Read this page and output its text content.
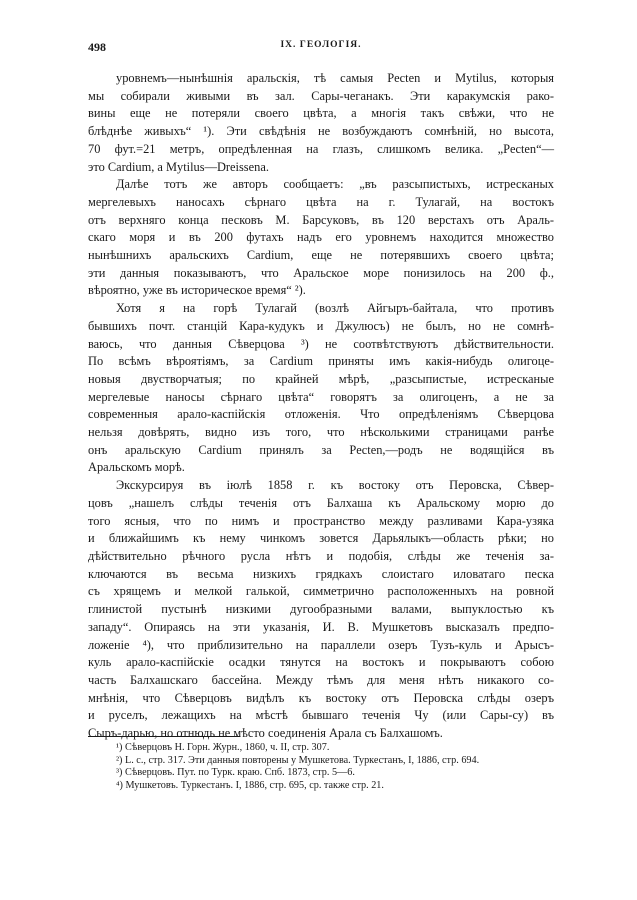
498	IX. ГЕОЛОГІЯ.

уровнемъ—нынѣшнія аральскія, тѣ самыя Pecten и Mytilus, которыя
мы собирали живыми въ зал. Сары-чеганакъ. Эти каракумскія рако-
вины еще не потеряли своего цвѣта, а многія такъ свѣжи, что не
блѣднѣе живыхъ“ ¹). Эти свѣдѣнія не возбуждаютъ сомнѣній, но высота,
70 фут.=21 метръ, опредѣленная на глазъ, слишкомъ велика. „Pecten“—
это Cardium, а Mytilus—Dreissena.

Далѣе тотъ же авторъ сообщаетъ: „въ разсыпистыхъ, истресканых
мергелевыхъ наносахъ сѣрнаго цвѣта на г. Тулагай, на востокъ
отъ верхняго конца песковъ М. Барсуковъ, въ 120 верстахъ отъ Араль-
скаго моря и въ 200 футахъ надъ его уровнемъ находится множество
нынѣшнихъ аральскихъ Cardium, еще не потерявшихъ своего цвѣта;
эти данныя показываютъ, что Аральское море понизилось на 200 ф.,
вѣроятно, уже въ историческое время“ ²).

Хотя я на горѣ Тулагай (возлѣ Айгыръ-байтала, что противъ
бывшихъ почт. станцій Кара-кудукъ и Джулюсъ) не былъ, но не сомнѣ-
ваюсь, что данныя Сѣверцова ³) не соотвѣтствуютъ дѣйствительности.
По всѣмъ вѣроятіямъ, за Cardium приняты имъ какія-нибудь олигоце-
новыя двустворчатыя; по крайней мѣрѣ, „разсыпистые, истресканые
мергелевые наносы сѣрнаго цвѣта“ говорятъ за олигоценъ, а не за
современныя арало-каспійскія отложенія. Что опредѣленіямъ Сѣверцова
нельзя довѣрять, видно изъ того, что нѣсколькими страницами ранѣе
онъ аральскую Cardium принялъ за Pecten,—родъ не водящійся въ
Аральскомъ морѣ.

Экскурсируя въ іюлѣ 1858 г. къ востоку отъ Перовска, Сѣвер-
цовъ „нашелъ слѣды теченія отъ Балхаша къ Аральскому морю до
того ясныя, что по нимъ и пространство между разливами Кара-узяка
и ближайшимъ къ нему чинкомъ зовется Дарьялыкъ—область рѣки; но
дѣйствительно рѣчного русла нѣтъ и подобія, слѣды же теченія за-
ключаются въ весьма низкихъ грядкахъ слоистаго иловатаго песка
съ хрящемъ и мелкой галькой, симметрично расположенныхъ на ровной
глинистой пустынѣ низкими дугообразными валами, выпуклостью къ
западу“. Опираясь на эти указанія, И. В. Мушкетовъ высказалъ предпо-
ложеніе ⁴), что приблизительно на параллели озеръ Тузъ-куль и Арысъ-
куль арало-каспійскіе осадки тянутся на востокъ и покрываютъ собою
часть Балхашскаго бассейна. Между тѣмъ для меня нѣтъ никакого со-
мнѣнія, что Сѣверцовъ видѣлъ къ востоку отъ Перовска слѣды озеръ
и руселъ, лежащихъ на мѣстѣ бывшаго теченія Чу (или Сары-су) въ
Сыръ-дарью, но отнюдь не мѣсто соединенія Арала съ Балхашомъ.

¹) Сѣверцовъ Н. Горн. Журн., 1860, ч. II, стр. 307.

²) L. c., стр. 317. Эти данныя повторены у Мушкетова. Туркестанъ, I, 1886, стр. 694.

³) Сѣверцовъ. Пут. по Турк. краю. Спб. 1873, стр. 5—6.

⁴) Мушкетовъ. Туркестанъ. I, 1886, стр. 695, ср. также стр. 21.
